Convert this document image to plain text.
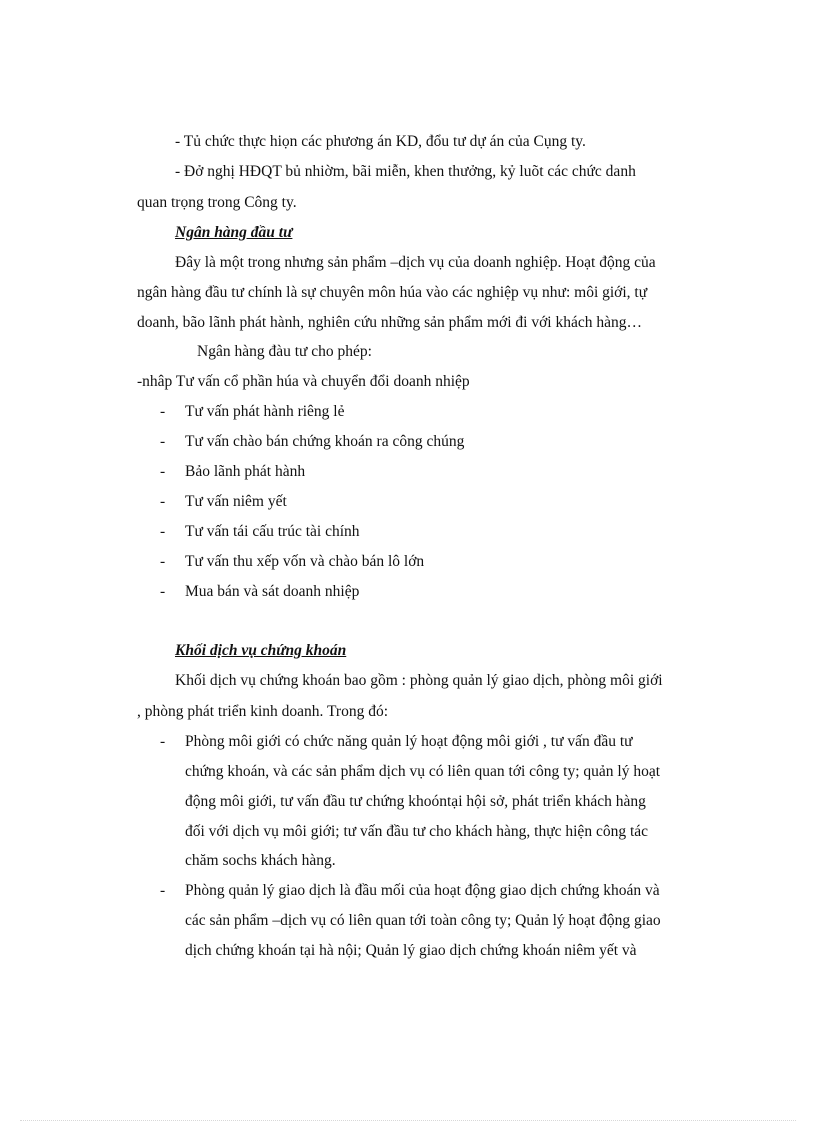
- Tủ chức thực hiọn các phương án KD, đổu tư dự án của Cụng ty.
- Đở nghị HĐQT bủ nhiờm, bãi miễn, khen thưởng, kỷ luõt các chức danh
quan trọng trong Công ty.
Ngân hàng đầu tư
Đây là một trong nhưng sản phẩm –dịch vụ của doanh nghiệp. Hoạt động của
ngân hàng đầu tư chính là sự chuyên môn húa vào các nghiệp vụ như: môi giới, tự
doanh, bão lãnh phát hành, nghiên cứu những sản phẩm mới đi với khách hàng…
Ngân hàng đàu tư cho phép:
-nhâp Tư vấn cổ phần húa và chuyển đổi doanh nhiệp
- Tư vấn phát hành riêng lẻ
- Tư vấn chào bán chứng khoán ra công chúng
- Bảo lãnh phát hành
- Tư vấn niêm yết
- Tư vấn tái cấu trúc tài chính
- Tư vấn thu xếp vốn và chào bán lô lớn
- Mua bán và sát doanh nhiệp
Khối dịch vụ chứng khoán
Khối dịch vụ chứng khoán bao gồm : phòng quản lý giao dịch, phòng môi giới
, phòng phát triển kinh doanh. Trong đó:
- Phòng môi giới có chức năng quản lý hoạt động môi giới , tư vấn đầu tư
chứng khoán, và các sản phẩm dịch vụ có liên quan tới công ty; quản lý hoạt
động môi giới, tư vấn đầu tư chứng khoóntại hội sở, phát triển khách hàng
đối với dịch vụ môi giới; tư vấn đầu tư cho khách hàng, thực hiện công tác
chăm sochs khách hàng.
- Phòng quản lý giao dịch là đầu mối của hoạt động giao dịch chứng khoán và
các sản phẩm –dịch vụ có liên quan tới toàn công ty; Quản lý hoạt động giao
dịch chứng khoán tại hà nội; Quản lý giao dịch chứng khoán niêm yết và
